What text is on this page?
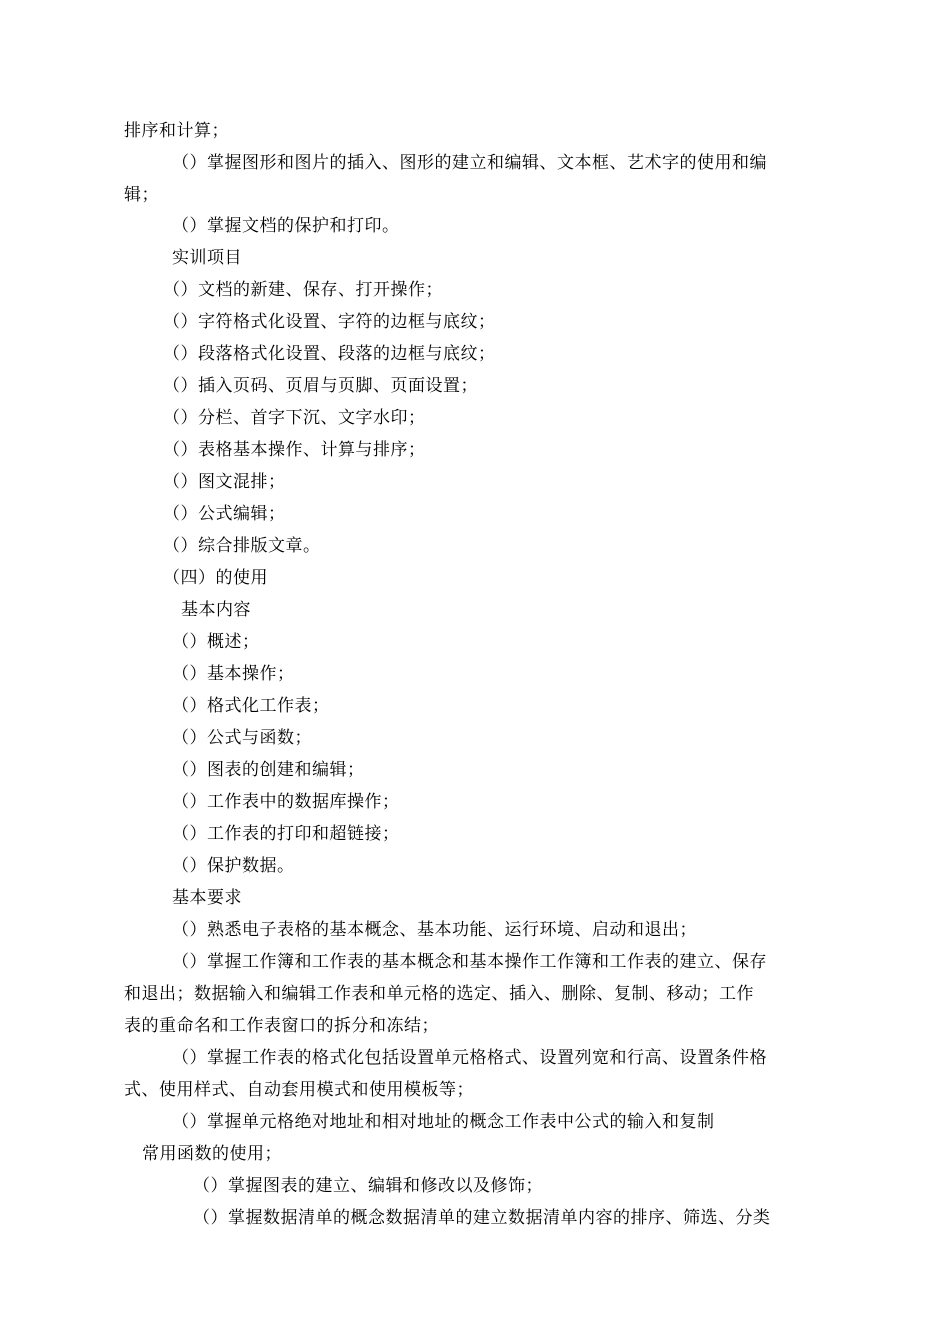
排序和计算；
（）掌握图形和图片的插入、图形的建立和编辑、文本框、艺术字的使用和编
辑；
（）掌握文档的保护和打印。
实训项目
（）文档的新建、保存、打开操作；
（）字符格式化设置、字符的边框与底纹；
（）段落格式化设置、段落的边框与底纹；
（）插入页码、页眉与页脚、页面设置；
（）分栏、首字下沉、文字水印；
（）表格基本操作、计算与排序；
（）图文混排；
（）公式编辑；
（）综合排版文章。
（四）的使用
基本内容
（）概述；
（）基本操作；
（）格式化工作表；
（）公式与函数；
（）图表的创建和编辑；
（）工作表中的数据库操作；
（）工作表的打印和超链接；
（）保护数据。
基本要求
（）熟悉电子表格的基本概念、基本功能、运行环境、启动和退出；
（）掌握工作簿和工作表的基本概念和基本操作工作簿和工作表的建立、保存
和退出；数据输入和编辑工作表和单元格的选定、插入、删除、复制、移动；工作
表的重命名和工作表窗口的拆分和冻结；
（）掌握工作表的格式化包括设置单元格格式、设置列宽和行高、设置条件格
式、使用样式、自动套用模式和使用模板等；
（）掌握单元格绝对地址和相对地址的概念工作表中公式的输入和复制
常用函数的使用；
（）掌握图表的建立、编辑和修改以及修饰；
（）掌握数据清单的概念数据清单的建立数据清单内容的排序、筛选、分类
